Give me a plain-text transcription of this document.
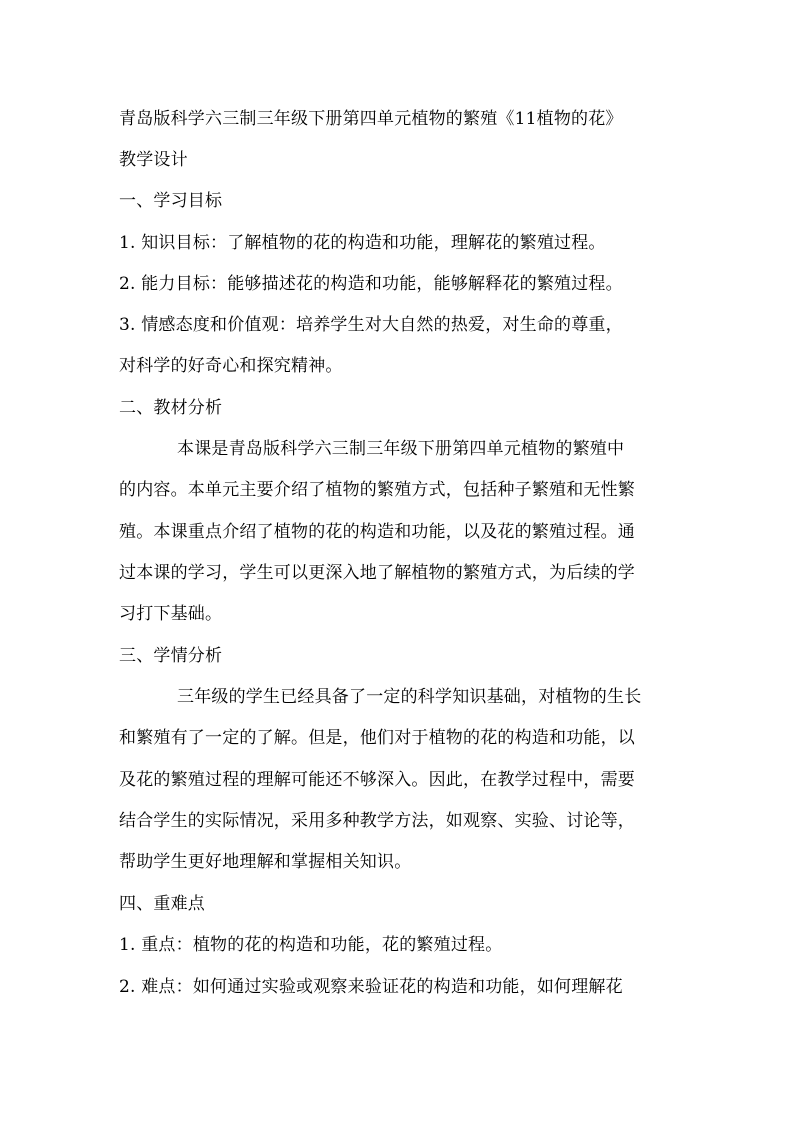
青岛版科学六三制三年级下册第四单元植物的繁殖《11植物的花》
教学设计
一、学习目标
1. 知识目标：了解植物的花的构造和功能，理解花的繁殖过程。
2. 能力目标：能够描述花的构造和功能，能够解释花的繁殖过程。
3. 情感态度和价值观：培养学生对大自然的热爱，对生命的尊重，
对科学的好奇心和探究精神。
二、教材分析
本课是青岛版科学六三制三年级下册第四单元植物的繁殖中
的内容。本单元主要介绍了植物的繁殖方式，包括种子繁殖和无性繁
殖。本课重点介绍了植物的花的构造和功能，以及花的繁殖过程。通
过本课的学习，学生可以更深入地了解植物的繁殖方式，为后续的学
习打下基础。
三、学情分析
三年级的学生已经具备了一定的科学知识基础，对植物的生长
和繁殖有了一定的了解。但是，他们对于植物的花的构造和功能，以
及花的繁殖过程的理解可能还不够深入。因此，在教学过程中，需要
结合学生的实际情况，采用多种教学方法，如观察、实验、讨论等，
帮助学生更好地理解和掌握相关知识。
四、重难点
1. 重点：植物的花的构造和功能，花的繁殖过程。
2. 难点：如何通过实验或观察来验证花的构造和功能，如何理解花
